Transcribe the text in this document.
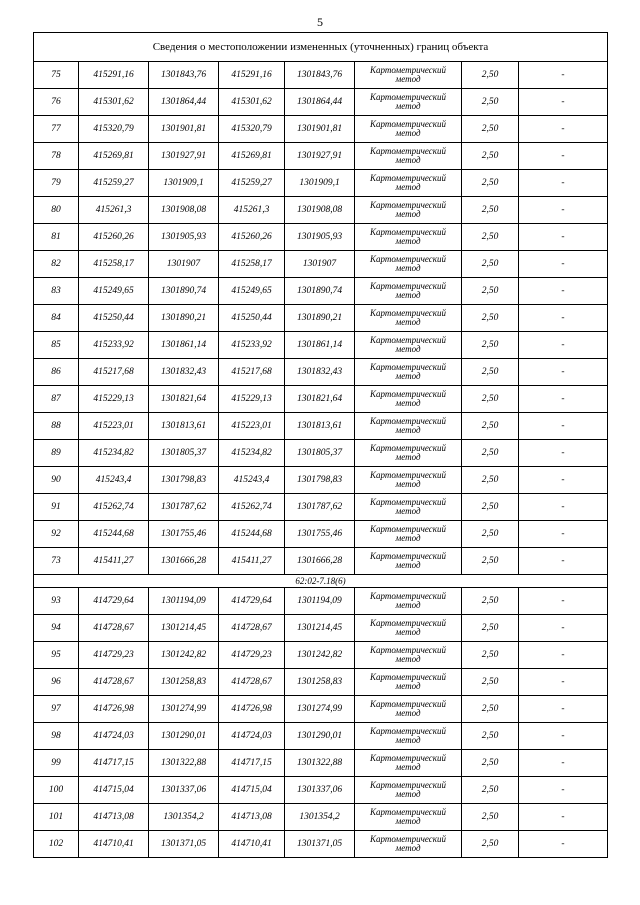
5
Сведения о местоположении измененных (уточненных) границ объекта							
75	415291,16	1301843,76	415291,16	1301843,76	Картометрический метод	2,50	-
76	415301,62	1301864,44	415301,62	1301864,44	Картометрический метод	2,50	-
77	415320,79	1301901,81	415320,79	1301901,81	Картометрический метод	2,50	-
78	415269,81	1301927,91	415269,81	1301927,91	Картометрический метод	2,50	-
79	415259,27	1301909,1	415259,27	1301909,1	Картометрический метод	2,50	-
80	415261,3	1301908,08	415261,3	1301908,08	Картометрический метод	2,50	-
81	415260,26	1301905,93	415260,26	1301905,93	Картометрический метод	2,50	-
82	415258,17	1301907	415258,17	1301907	Картометрический метод	2,50	-
83	415249,65	1301890,74	415249,65	1301890,74	Картометрический метод	2,50	-
84	415250,44	1301890,21	415250,44	1301890,21	Картометрический метод	2,50	-
85	415233,92	1301861,14	415233,92	1301861,14	Картометрический метод	2,50	-
86	415217,68	1301832,43	415217,68	1301832,43	Картометрический метод	2,50	-
87	415229,13	1301821,64	415229,13	1301821,64	Картометрический метод	2,50	-
88	415223,01	1301813,61	415223,01	1301813,61	Картометрический метод	2,50	-
89	415234,82	1301805,37	415234,82	1301805,37	Картометрический метод	2,50	-
90	415243,4	1301798,83	415243,4	1301798,83	Картометрический метод	2,50	-
91	415262,74	1301787,62	415262,74	1301787,62	Картометрический метод	2,50	-
92	415244,68	1301755,46	415244,68	1301755,46	Картометрический метод	2,50	-
73	415411,27	1301666,28	415411,27	1301666,28	Картометрический метод	2,50	-
62:02-7.18(6)							
93	414729,64	1301194,09	414729,64	1301194,09	Картометрический метод	2,50	-
94	414728,67	1301214,45	414728,67	1301214,45	Картометрический метод	2,50	-
95	414729,23	1301242,82	414729,23	1301242,82	Картометрический метод	2,50	-
96	414728,67	1301258,83	414728,67	1301258,83	Картометрический метод	2,50	-
97	414726,98	1301274,99	414726,98	1301274,99	Картометрический метод	2,50	-
98	414724,03	1301290,01	414724,03	1301290,01	Картометрический метод	2,50	-
99	414717,15	1301322,88	414717,15	1301322,88	Картометрический метод	2,50	-
100	414715,04	1301337,06	414715,04	1301337,06	Картометрический метод	2,50	-
101	414713,08	1301354,2	414713,08	1301354,2	Картометрический метод	2,50	-
102	414710,41	1301371,05	414710,41	1301371,05	Картометрический метод	2,50	-
